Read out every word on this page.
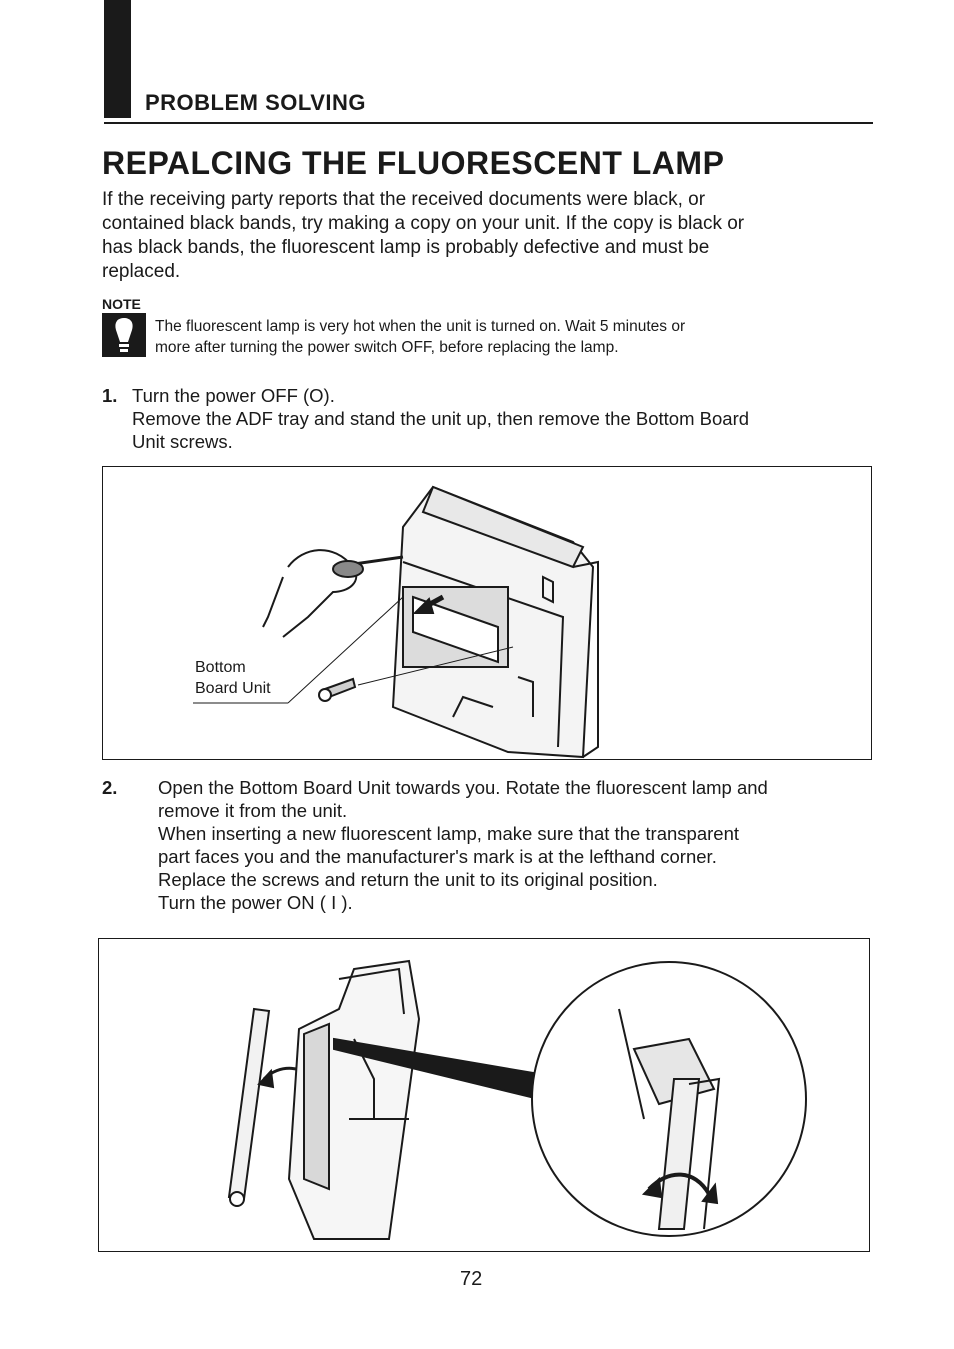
PROBLEM SOLVING
REPALCING THE FLUORESCENT LAMP
If the receiving party reports that the received documents were black, or
contained black bands, try making a copy on your unit. If the copy is black or
has black bands, the fluorescent lamp is probably defective and must be
replaced.
NOTE
The fluorescent lamp is very hot when the unit is turned on. Wait 5 minutes or
more after turning the power switch OFF, before replacing the lamp.
1. Turn the power OFF (O).
Remove the ADF tray and stand the unit up, then remove the Bottom Board
Unit screws.
Bottom
Board Unit
2. Open the Bottom Board Unit towards you. Rotate the fluorescent lamp and
remove it from the unit.
When inserting a new fluorescent lamp, make sure that the transparent
part faces you and the manufacturer's mark is at the lefthand corner.
Replace the screws and return the unit to its original position.
Turn the power ON ( I ).
72
